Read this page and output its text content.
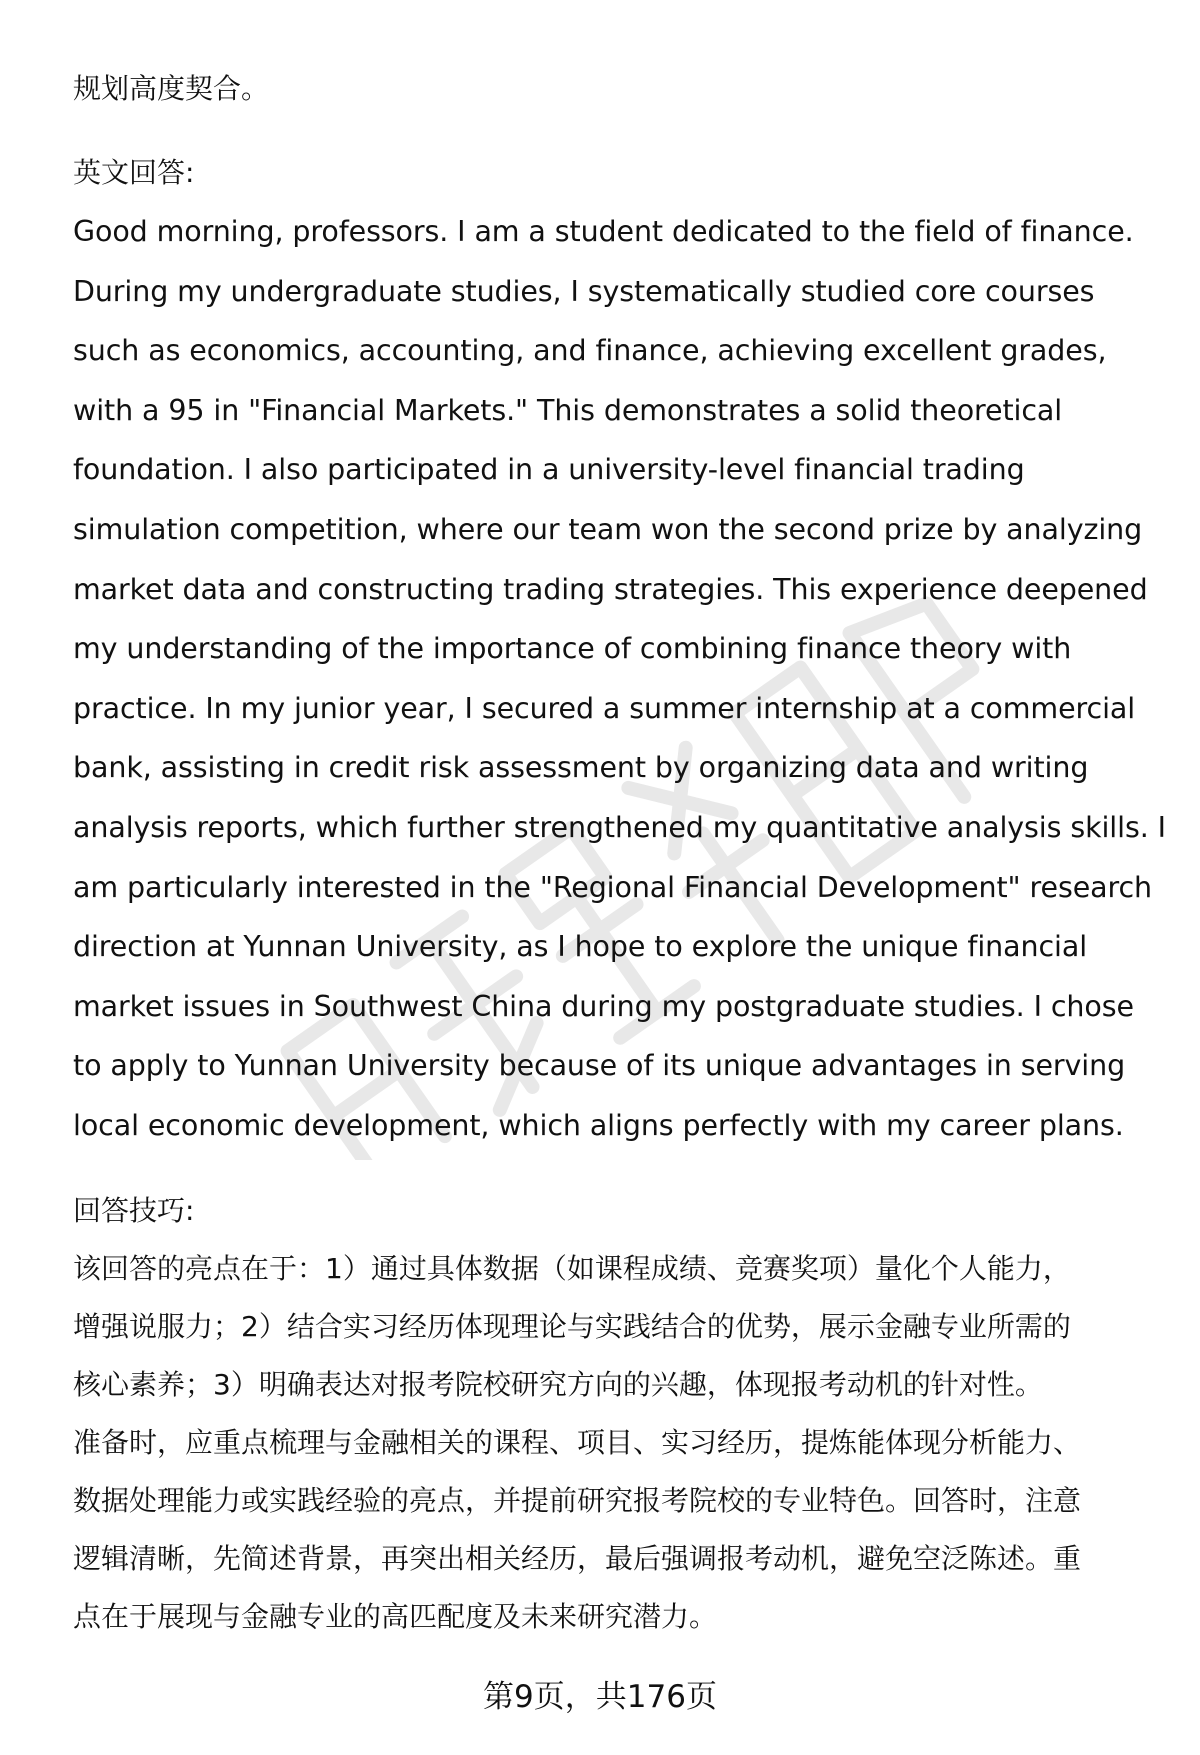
规划高度契合。

英文回答:

Good morning, professors. I am a student dedicated to the field of finance.

During my undergraduate studies, I systematically studied core courses

such as economics, accounting, and finance, achieving excellent grades,

with a 95 in "Financial Markets." This demonstrates a solid theoretical

foundation. I also participated in a university-level financial trading

simulation competition, where our team won the second prize by analyzing

market data and constructing trading strategies. This experience deepened

my understanding of the importance of combining finance theory with

practice. In my junior year, I secured a summer internship at a commercial

bank, assisting in credit risk assessment by organizing data and writing

analysis reports, which further strengthened my quantitative analysis skills. I

am particularly interested in the "Regional Financial Development" research

direction at Yunnan University, as I hope to explore the unique financial

market issues in Southwest China during my postgraduate studies. I chose

to apply to Yunnan University because of its unique advantages in serving

local economic development, which aligns perfectly with my career plans.

回答技巧:

该回答的亮点在于：1）通过具体数据（如课程成绩、竞赛奖项）量化个人能力，

增强说服力；2）结合实习经历体现理论与实践结合的优势，展示金融专业所需的

核心素养；3）明确表达对报考院校研究方向的兴趣，体现报考动机的针对性。

准备时，应重点梳理与金融相关的课程、项目、实习经历，提炼能体现分析能力、

数据处理能力或实践经验的亮点，并提前研究报考院校的专业特色。回答时，注意

逻辑清晰，先简述背景，再突出相关经历，最后强调报考动机，避免空泛陈述。重

点在于展现与金融专业的高匹配度及未来研究潜力。

第9页，共176页
